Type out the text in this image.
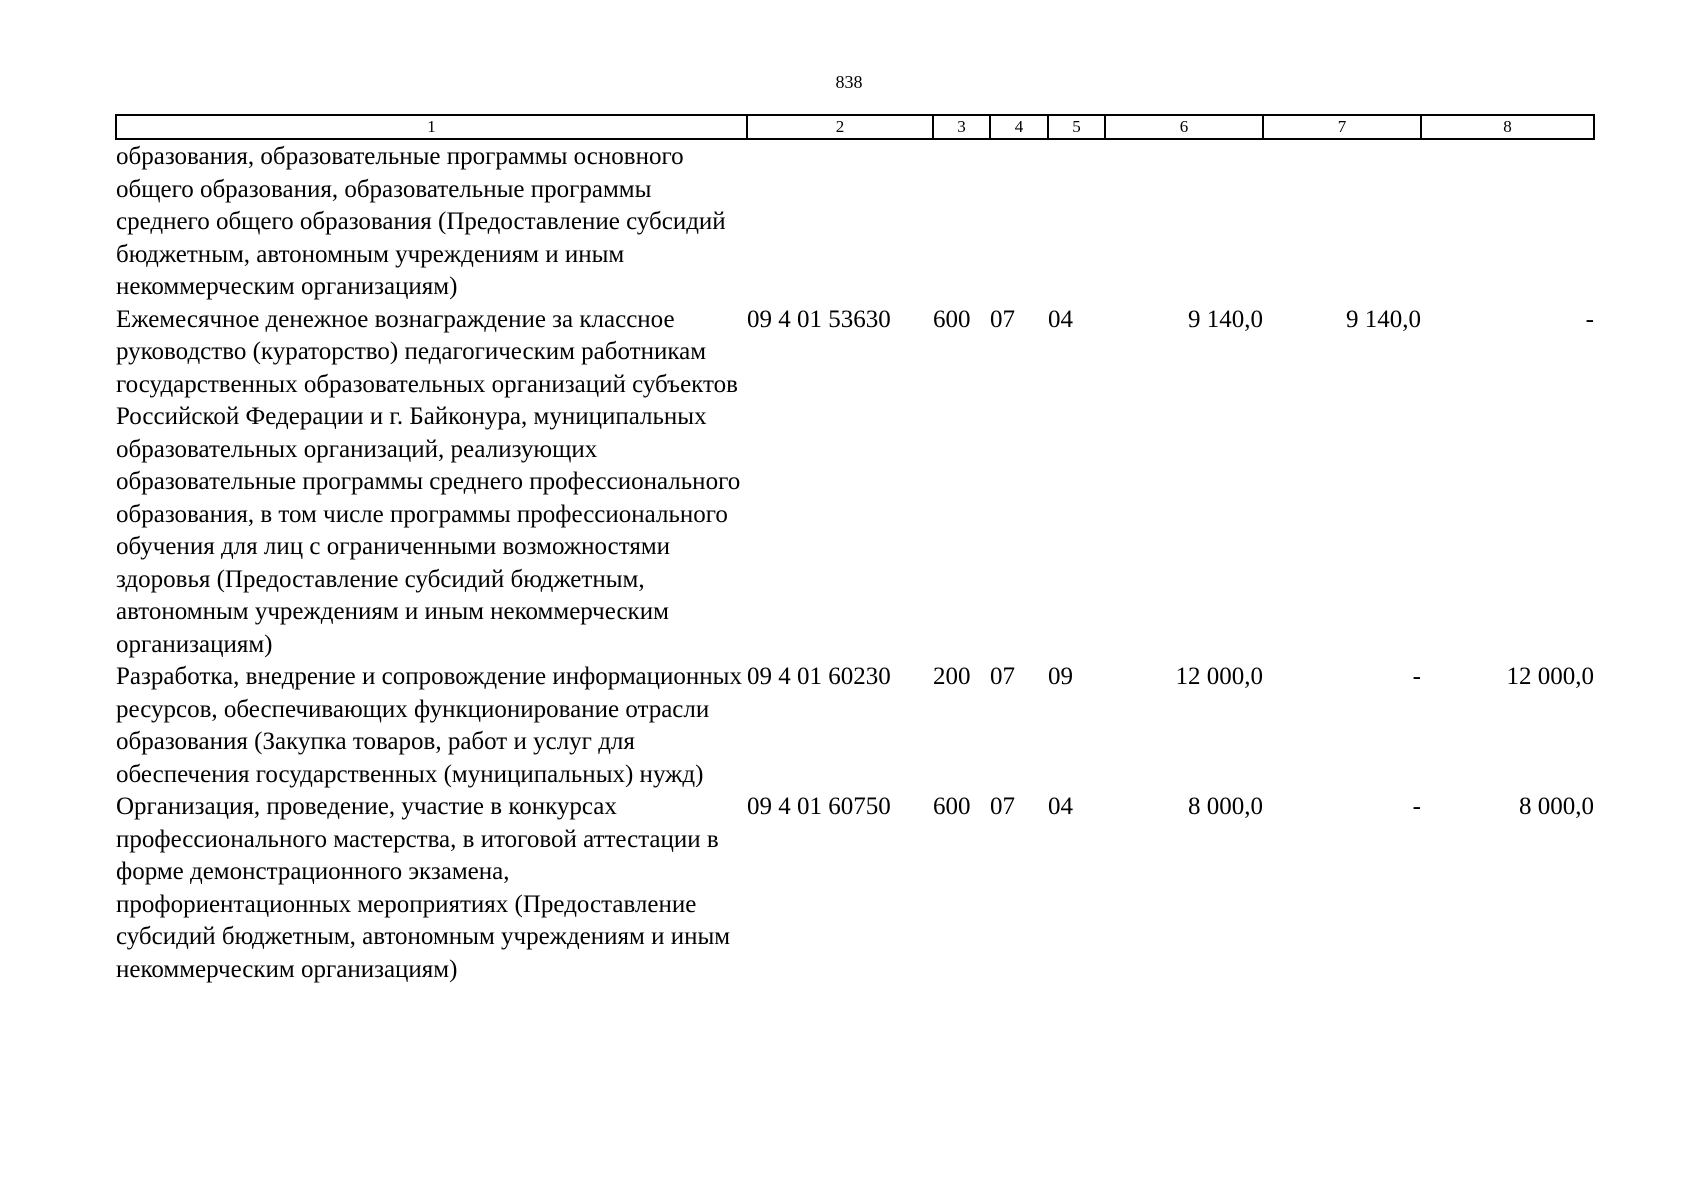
838
1	2	3	4	5	6	7	8
образования, образовательные программы основного общего образования, образовательные программы среднего общего образования (Предоставление субсидий бюджетным, автономным учреждениям и иным некоммерческим организациям)							
Ежемесячное денежное вознаграждение за классное руководство (кураторство) педагогическим работникам государственных образовательных организаций субъектов Российской Федерации и г. Байконура, муниципальных образовательных организаций, реализующих образовательные программы среднего профессионального образования, в том числе программы профессионального обучения для лиц с ограниченными возможностями здоровья (Предоставление субсидий бюджетным, автономным учреждениям и иным некоммерческим организациям)	09 4 01 53630	600	07	04	9 140,0	9 140,0	-
Разработка, внедрение и сопровождение информационных ресурсов, обеспечивающих функционирование отрасли образования (Закупка товаров, работ и услуг для обеспечения государственных (муниципальных) нужд)	09 4 01 60230	200	07	09	12 000,0	-	12 000,0
Организация, проведение, участие в конкурсах профессионального мастерства, в итоговой аттестации в форме демонстрационного экзамена, профориентационных мероприятиях (Предоставление субсидий бюджетным, автономным учреждениям и иным некоммерческим организациям)	09 4 01 60750	600	07	04	8 000,0	-	8 000,0
